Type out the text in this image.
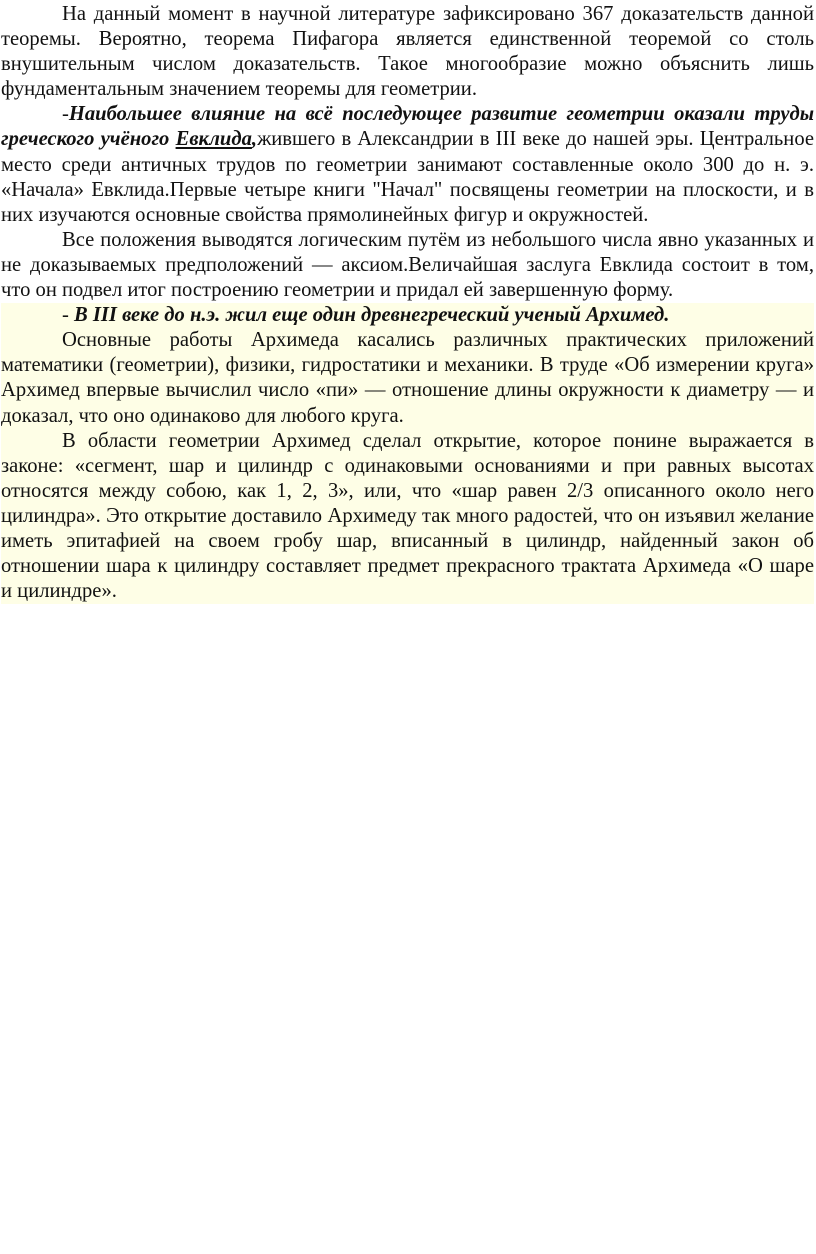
На данный момент в научной литературе зафиксировано 367 доказательств данной теоремы. Вероятно, теорема Пифагора является единственной теоремой со столь внушительным числом доказательств. Такое многообразие можно объяснить лишь фундаментальным значением теоремы для геометрии.

-Наибольшее влияние на всё последующее развитие геометрии оказали труды греческого учёного Евклида,жившего в Александрии в III веке до нашей эры. Центральное место среди античных трудов по геометрии занимают составленные около 300 до н. э. «Начала» Евклида.Первые четыре книги "Начал" посвящены геометрии на плоскости, и в них изучаются основные свойства прямолинейных фигур и окружностей.

Все положения выводятся логическим путём из небольшого числа явно указанных и не доказываемых предположений — аксиом.Величайшая заслуга Евклида состоит в том, что он подвел итог построению геометрии и придал ей завершенную форму.

- В III веке до н.э. жил еще один древнегреческий ученый Архимед.

Основные работы Архимеда касались различных практических приложений математики (геометрии), физики, гидростатики и механики. В труде «Об измерении круга» Архимед впервые вычислил число «пи» — отношение длины окружности к диаметру — и доказал, что оно одинаково для любого круга.

В области геометрии Архимед сделал открытие, которое понине выражается в законе: «сегмент, шар и цилиндр с одинаковыми основаниями и при равных высотах относятся между собою, как 1, 2, 3», или, что «шар равен 2/3 описанного около него цилиндра». Это открытие доставило Архимеду так много радостей, что он изъявил желание иметь эпитафией на своем гробу шар, вписанный в цилиндр, найденный закон об отношении шара к цилиндру составляет предмет прекрасного трактата Архимеда «О шаре и цилиндре».
